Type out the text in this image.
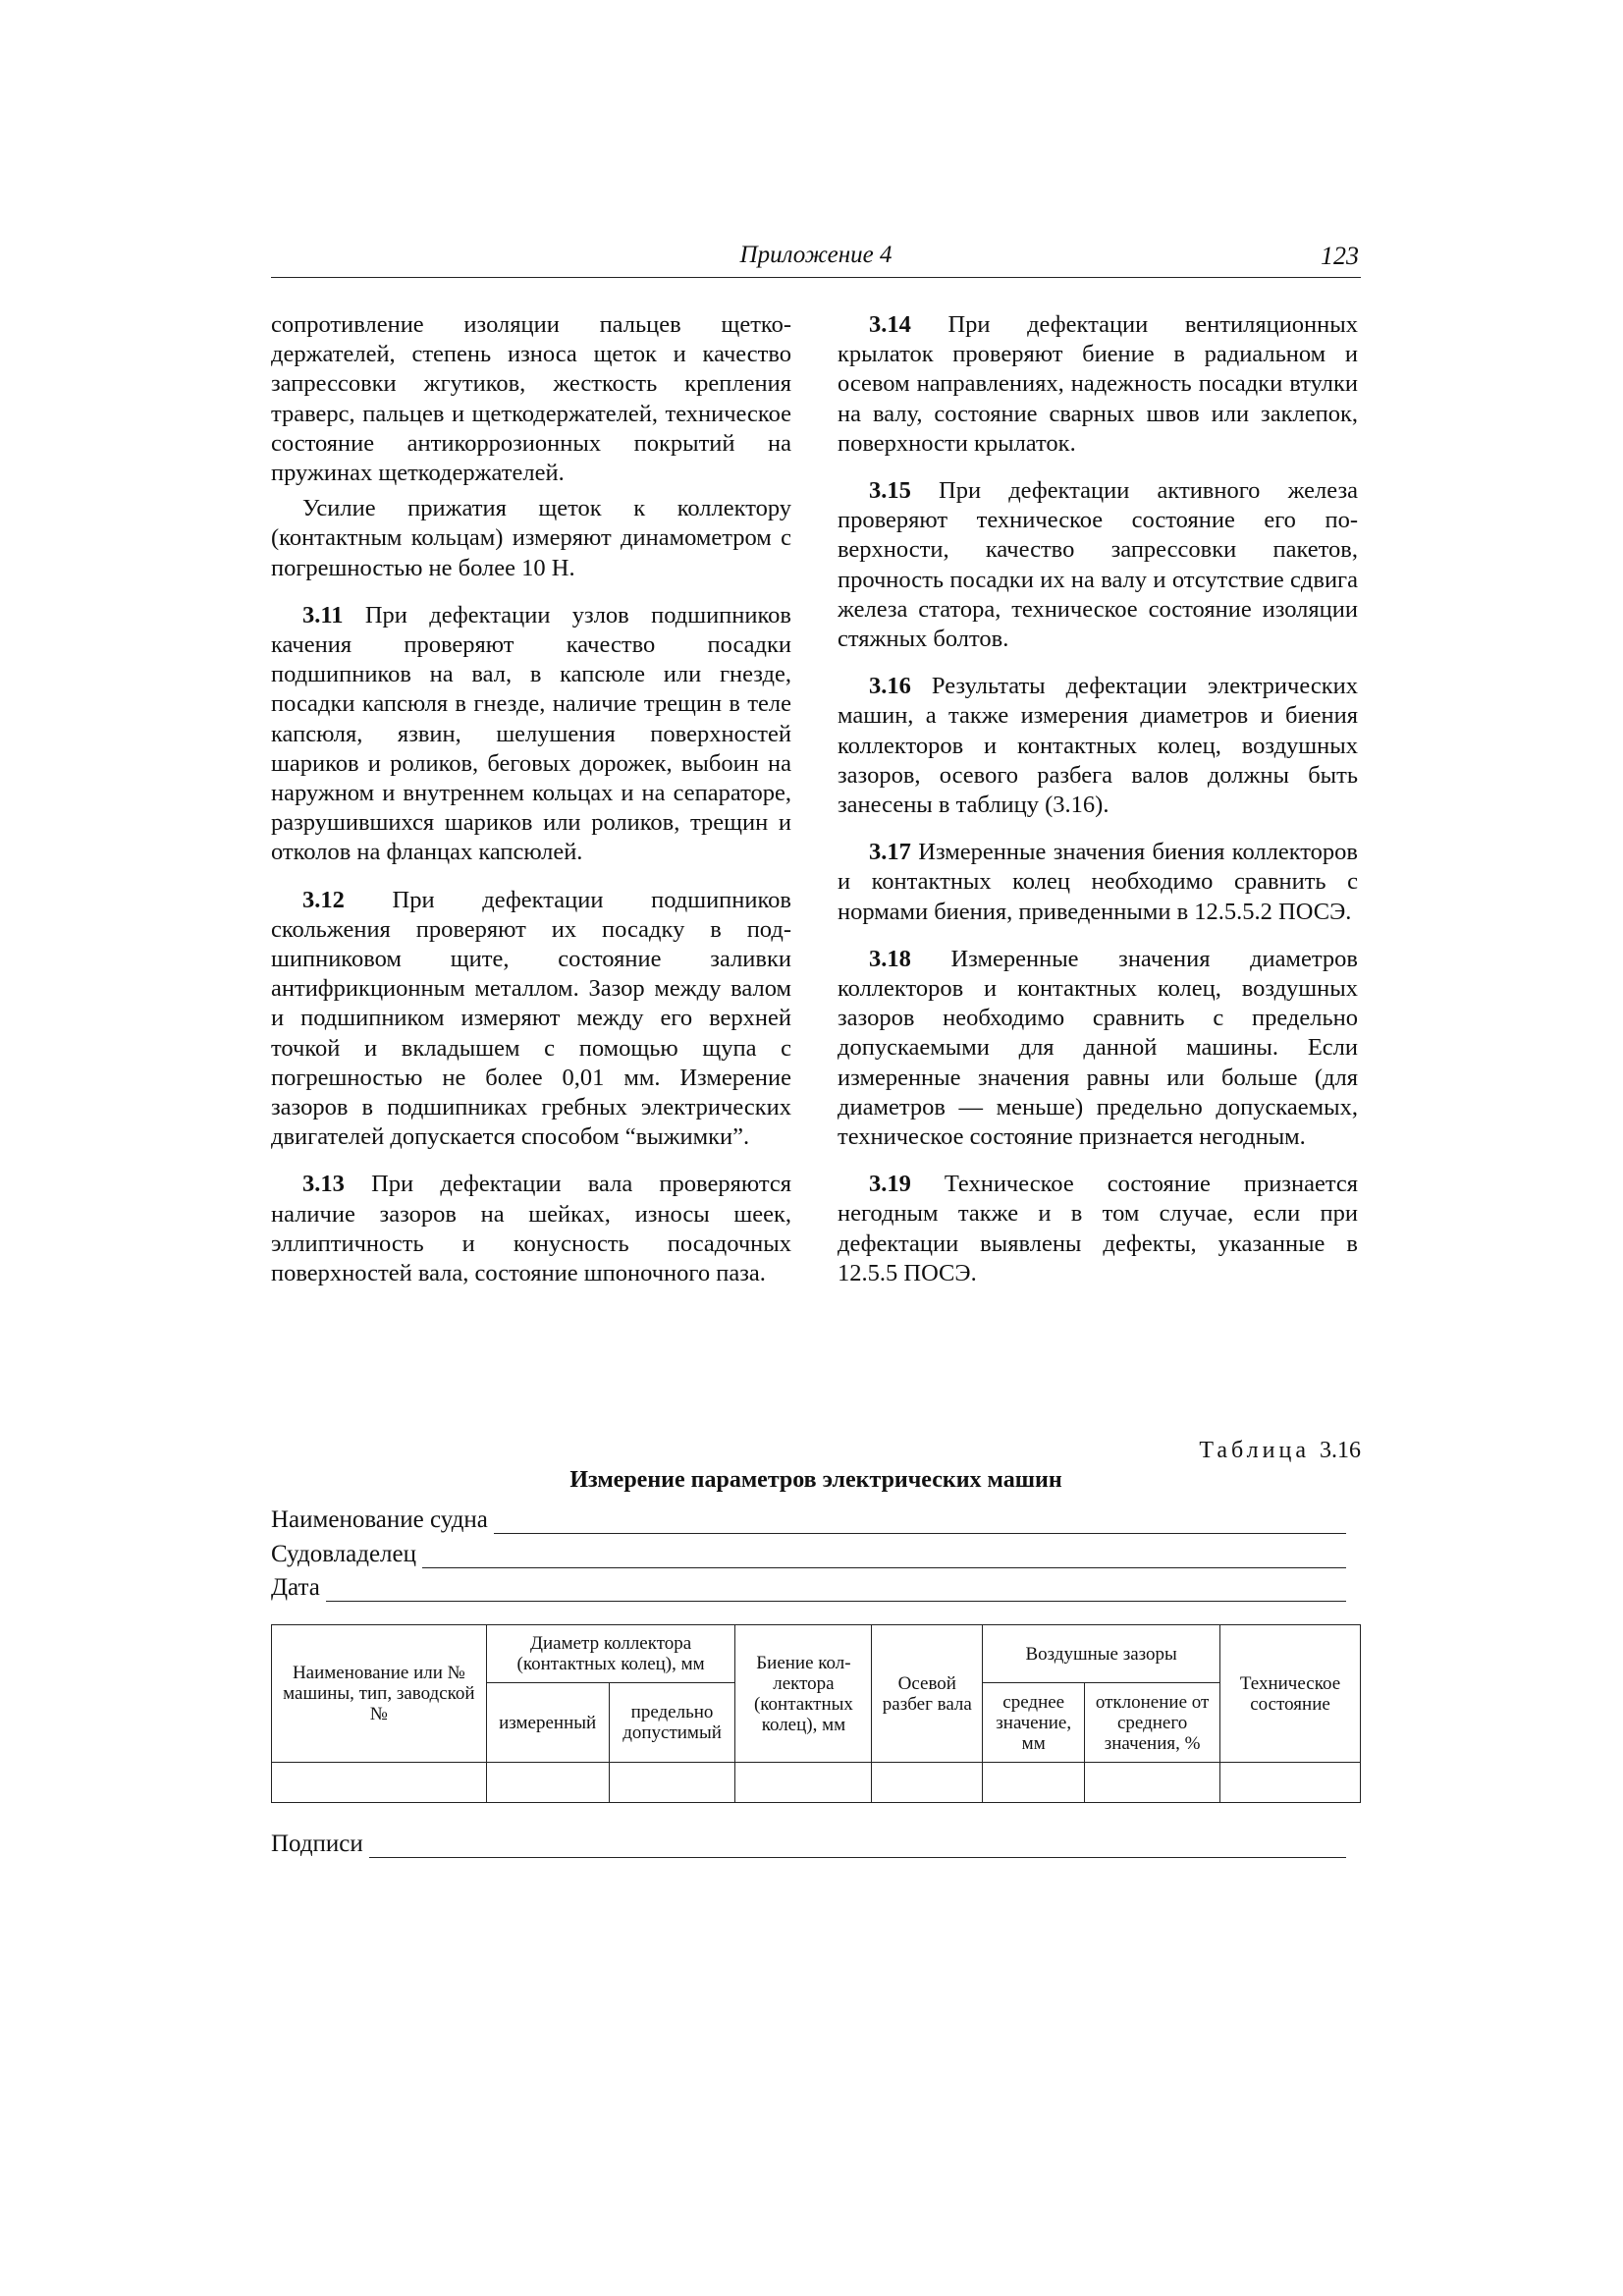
Приложение 4	123

сопротивление изоляции пальцев щеткодержателей, степень износа щеток и качество запрессовки жгутиков, жесткость крепления траверс, пальцев и щеткодержателей, техническое состояние антикоррозионных покрытий на пружинах щеткодержателей.

Усилие прижатия щеток к коллектору (контактным кольцам) измеряют динамометром с погрешностью не более 10 Н.

3.11 При дефектации узлов подшипников качения проверяют качество посадки подшипников на вал, в капсюле или гнезде, посадки капсюля в гнезде, наличие трещин в теле капсюля, язвин, шелушения поверхностей шариков и роликов, беговых дорожек, выбоин на наружном и внутреннем кольцах и на сепараторе, разрушившихся шариков или роликов, трещин и отколов на фланцах капсюлей.

3.12 При дефектации подшипников скольжения проверяют их посадку в подшипниковом щите, состояние заливки антифрикционным металлом. Зазор между валом и подшипником измеряют между его верхней точкой и вкладышем с помощью щупа с погрешностью не более 0,01 мм. Измерение зазоров в подшипниках гребных электрических двигателей допускается способом “выжимки”.

3.13 При дефектации вала проверяются наличие зазоров на шейках, износы шеек, эллиптичность и конусность посадочных поверхностей вала, состояние шпоночного паза.

3.14 При дефектации вентиляционных крылаток проверяют биение в радиальном и осевом направлениях, надежность посадки втулки на валу, состояние сварных швов или заклепок, поверхности крылаток.

3.15 При дефектации активного железа проверяют техническое состояние его поверхности, качество запрессовки пакетов, прочность посадки их на валу и отсутствие сдвига железа статора, техническое состояние изоляции стяжных болтов.

3.16 Результаты дефектации электрических машин, а также измерения диаметров и биения коллекторов и контактных колец, воздушных зазоров, осевого разбега валов должны быть занесены в таблицу (3.16).

3.17 Измеренные значения биения коллекторов и контактных колец необходимо сравнить с нормами биения, приведенными в 12.5.5.2 ПОСЭ.

3.18 Измеренные значения диаметров коллекторов и контактных колец, воздушных зазоров необходимо сравнить с предельно допускаемыми для данной машины. Если измеренные значения равны или больше (для диаметров — меньше) предельно допускаемых, техническое состояние признается негодным.

3.19 Техническое состояние признается негодным также и в том случае, если при дефектации выявлены дефекты, указанные в 12.5.5 ПОСЭ.

Таблица 3.16
Измерение параметров электрических машин
Наименование судна
Судовладелец
Дата
Наименование или № машины, тип, заводской №	Диаметр коллектора (контактных колец), мм		Биение коллектора (контактных колец), мм	Осевой разбег вала	Воздушные зазоры		Техническое состояние
	измеренный	предельно допустимый			среднее значение, мм	отклонение от среднего значения, %	

Подписи
